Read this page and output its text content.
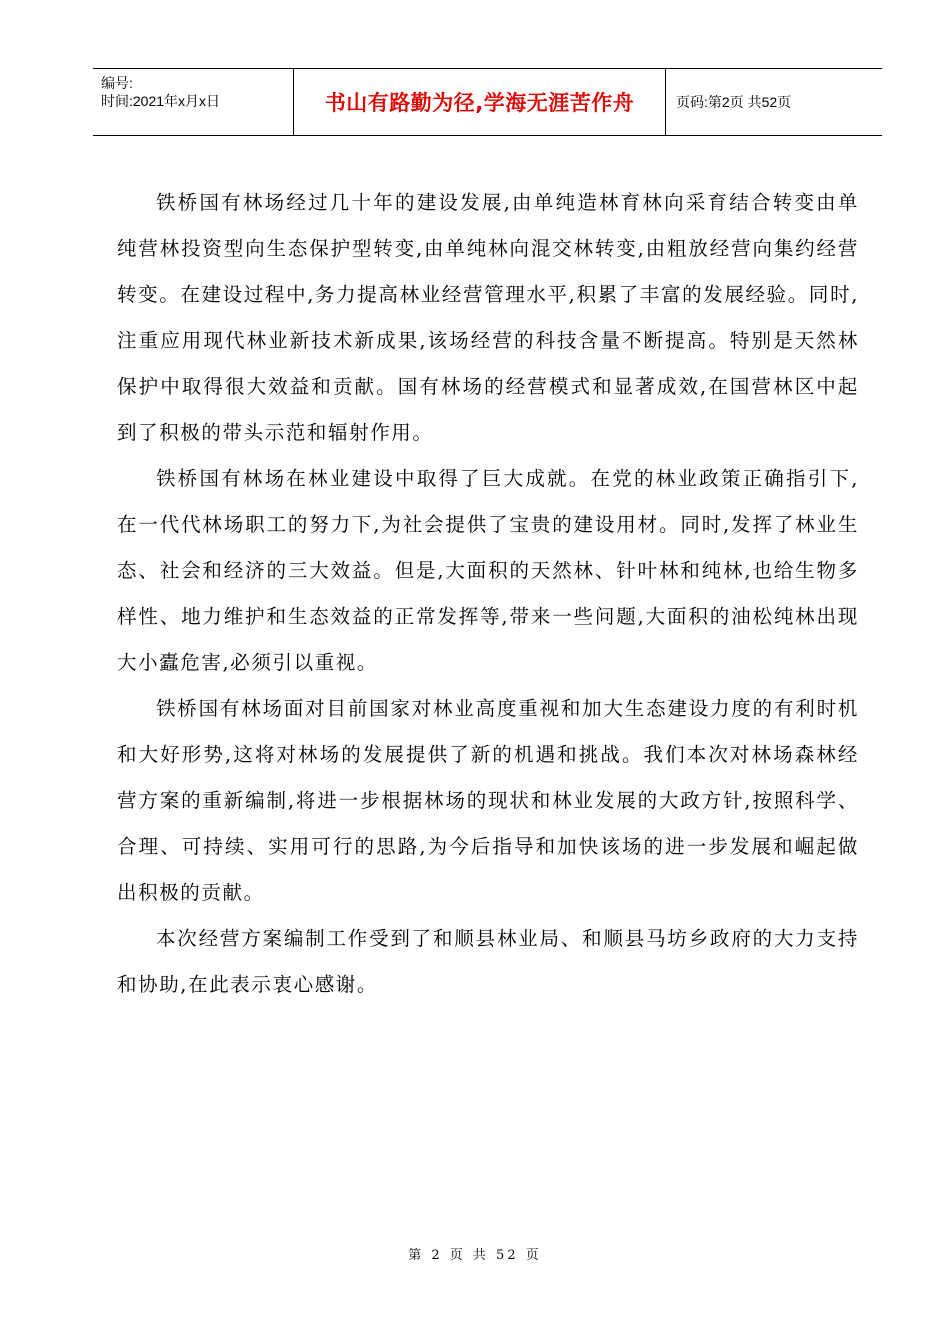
编号:
时间:2021年x月x日	书山有路勤为径,学海无涯苦作舟	页码:第2页 共52页

铁桥国有林场经过几十年的建设发展,由单纯造林育林向采育结合转变由单纯营林投资型向生态保护型转变,由单纯林向混交林转变,由粗放经营向集约经营转变。在建设过程中,务力提高林业经营管理水平,积累了丰富的发展经验。同时,注重应用现代林业新技术新成果,该场经营的科技含量不断提高。特别是天然林保护中取得很大效益和贡献。国有林场的经营模式和显著成效,在国营林区中起到了积极的带头示范和辐射作用。

铁桥国有林场在林业建设中取得了巨大成就。在党的林业政策正确指引下,在一代代林场职工的努力下,为社会提供了宝贵的建设用材。同时,发挥了林业生态、社会和经济的三大效益。但是,大面积的天然林、针叶林和纯林,也给生物多样性、地力维护和生态效益的正常发挥等,带来一些问题,大面积的油松纯林出现大小蠹危害,必须引以重视。

铁桥国有林场面对目前国家对林业高度重视和加大生态建设力度的有利时机和大好形势,这将对林场的发展提供了新的机遇和挑战。我们本次对林场森林经营方案的重新编制,将进一步根据林场的现状和林业发展的大政方针,按照科学、合理、可持续、实用可行的思路,为今后指导和加快该场的进一步发展和崛起做出积极的贡献。

本次经营方案编制工作受到了和顺县林业局、和顺县马坊乡政府的大力支持和协助,在此表示衷心感谢。

第 2 页 共 52 页
